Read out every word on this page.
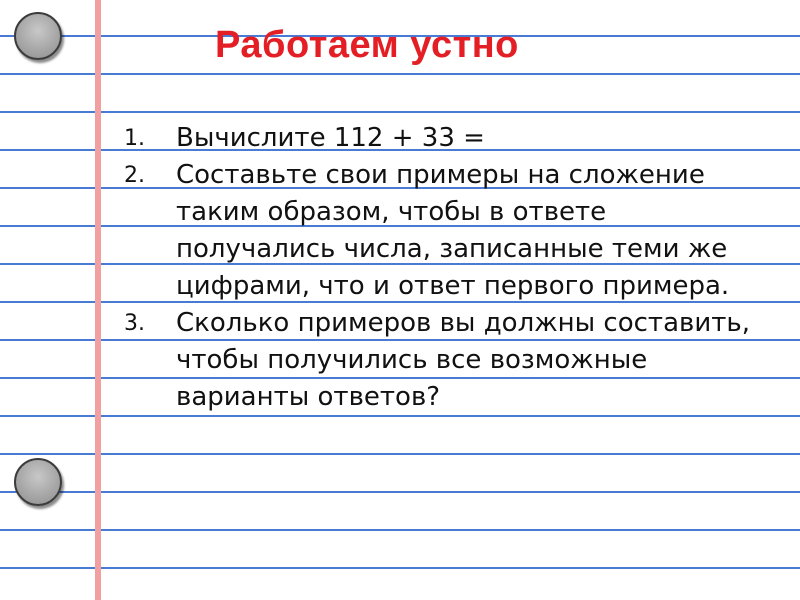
Работаем устно
1. Вычислите 112 + 33 =
2. Составьте свои примеры на сложение таким образом, чтобы в ответе получались числа, записанные теми же цифрами, что и ответ первого примера.
3. Сколько примеров вы должны составить, чтобы получились все возможные варианты ответов?
